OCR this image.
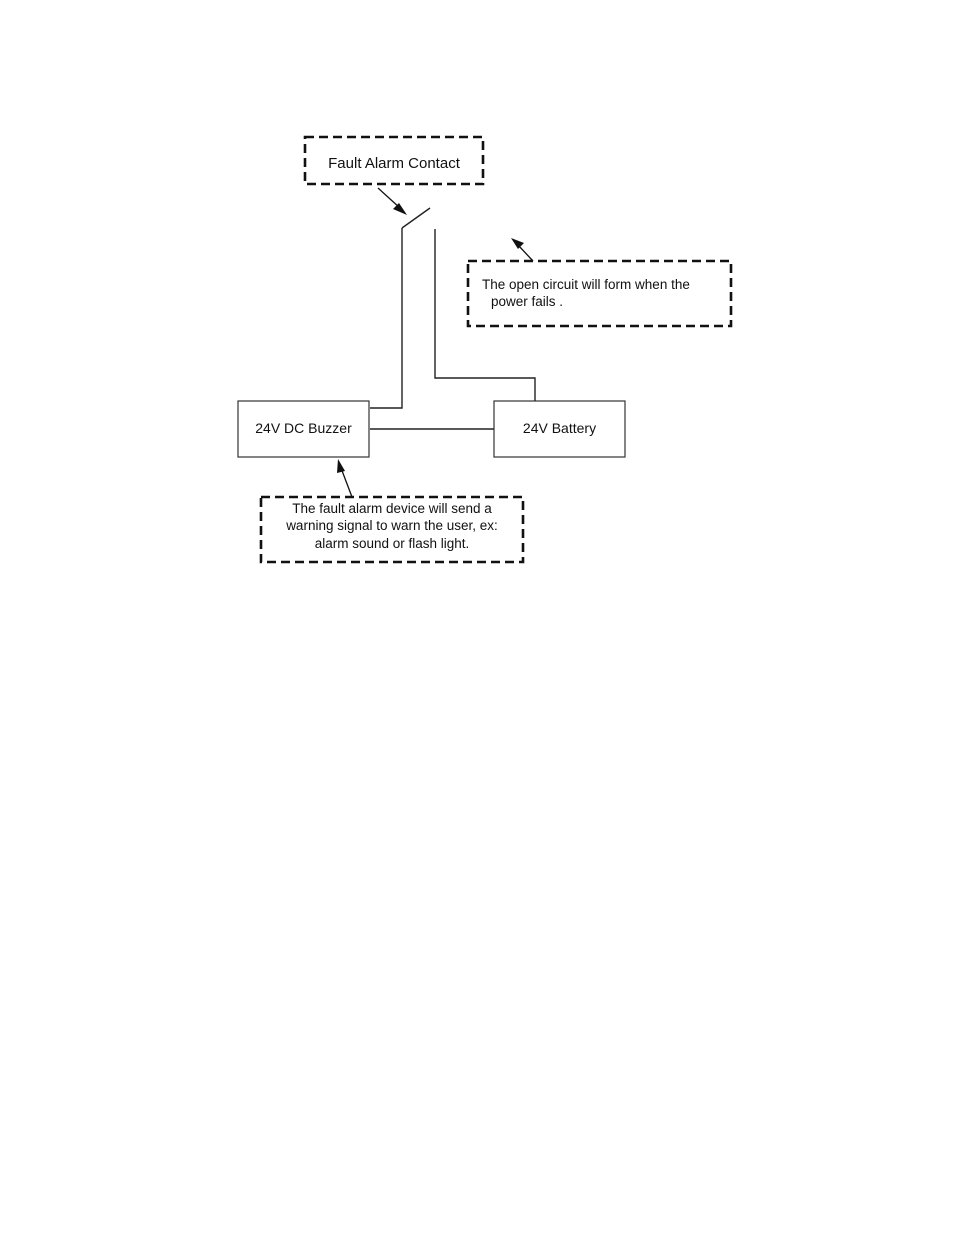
Fault Alarm Contact
The open circuit will form when the
power fails .
24V DC Buzzer	24V Battery
The fault alarm device will send a
warning signal to warn the user, ex:
alarm sound or flash light.
